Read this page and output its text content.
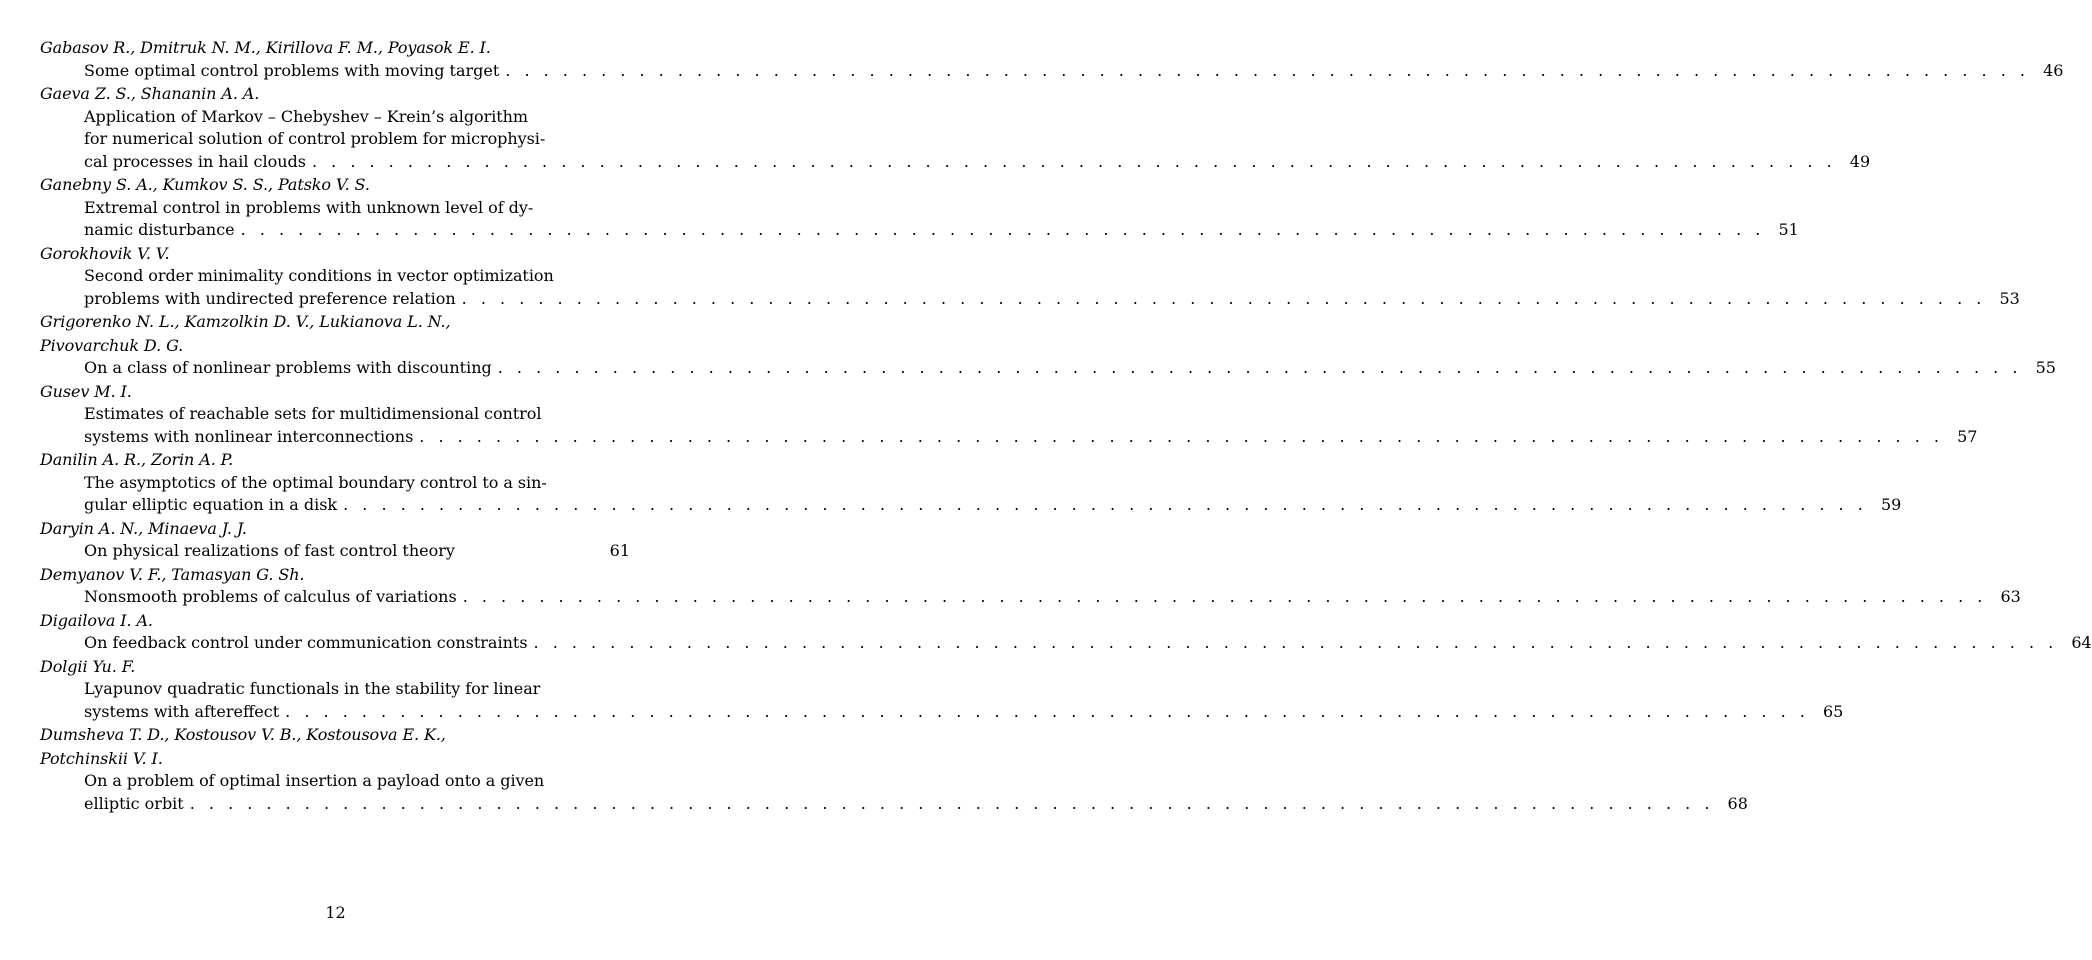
Gabasov R., Dmitruk N. M., Kirillova F. M., Poyasok E. I.
Some optimal control problems with moving target . . . . . . . . . . . . . . . . . . . . . . . . . . . . . . . . . . . . . . . . . . . . . . . . . . . . . . . . . . . . . . . . . . . . . . . . . . . . . . . . 46
Gaeva Z. S., Shananin A. A.
Application of Markov – Chebyshev – Krein’s algorithm
for numerical solution of control problem for microphysi-
cal processes in hail clouds . . . . . . . . . . . . . . . . . . . . . . . . . . . . . . . . . . . . . . . . . . . . . . . . . . . . . . . . . . . . . . . . . . . . . . . . . . . . . . . . 49
Ganebny S. A., Kumkov S. S., Patsko V. S.
Extremal control in problems with unknown level of dy-
namic disturbance . . . . . . . . . . . . . . . . . . . . . . . . . . . . . . . . . . . . . . . . . . . . . . . . . . . . . . . . . . . . . . . . . . . . . . . . . . . . . . . . 51
Gorokhovik V. V.
Second order minimality conditions in vector optimization
problems with undirected preference relation . . . . . . . . . . . . . . . . . . . . . . . . . . . . . . . . . . . . . . . . . . . . . . . . . . . . . . . . . . . . . . . . . . . . . . . . . . . . . . . . 53
Grigorenko N. L., Kamzolkin D. V., Lukianova L. N.,
Pivovarchuk D. G.
On a class of nonlinear problems with discounting . . . . . . . . . . . . . . . . . . . . . . . . . . . . . . . . . . . . . . . . . . . . . . . . . . . . . . . . . . . . . . . . . . . . . . . . . . . . . . . . 55
Gusev M. I.
Estimates of reachable sets for multidimensional control
systems with nonlinear interconnections . . . . . . . . . . . . . . . . . . . . . . . . . . . . . . . . . . . . . . . . . . . . . . . . . . . . . . . . . . . . . . . . . . . . . . . . . . . . . . . . 57
Danilin A. R., Zorin A. P.
The asymptotics of the optimal boundary control to a sin-
gular elliptic equation in a disk . . . . . . . . . . . . . . . . . . . . . . . . . . . . . . . . . . . . . . . . . . . . . . . . . . . . . . . . . . . . . . . . . . . . . . . . . . . . . . . . 59
Daryin A. N., Minaeva J. J.
On physical realizations of fast control theory	61
Demyanov V. F., Tamasyan G. Sh.
Nonsmooth problems of calculus of variations . . . . . . . . . . . . . . . . . . . . . . . . . . . . . . . . . . . . . . . . . . . . . . . . . . . . . . . . . . . . . . . . . . . . . . . . . . . . . . . . 63
Digailova I. A.
On feedback control under communication constraints . . . . . . . . . . . . . . . . . . . . . . . . . . . . . . . . . . . . . . . . . . . . . . . . . . . . . . . . . . . . . . . . . . . . . . . . . . . . . . . . 64
Dolgii Yu. F.
Lyapunov quadratic functionals in the stability for linear
systems with aftereffect . . . . . . . . . . . . . . . . . . . . . . . . . . . . . . . . . . . . . . . . . . . . . . . . . . . . . . . . . . . . . . . . . . . . . . . . . . . . . . . . 65
Dumsheva T. D., Kostousov V. B., Kostousova E. K.,
Potchinskii V. I.
On a problem of optimal insertion a payload onto a given
elliptic orbit . . . . . . . . . . . . . . . . . . . . . . . . . . . . . . . . . . . . . . . . . . . . . . . . . . . . . . . . . . . . . . . . . . . . . . . . . . . . . . . . 68
12
